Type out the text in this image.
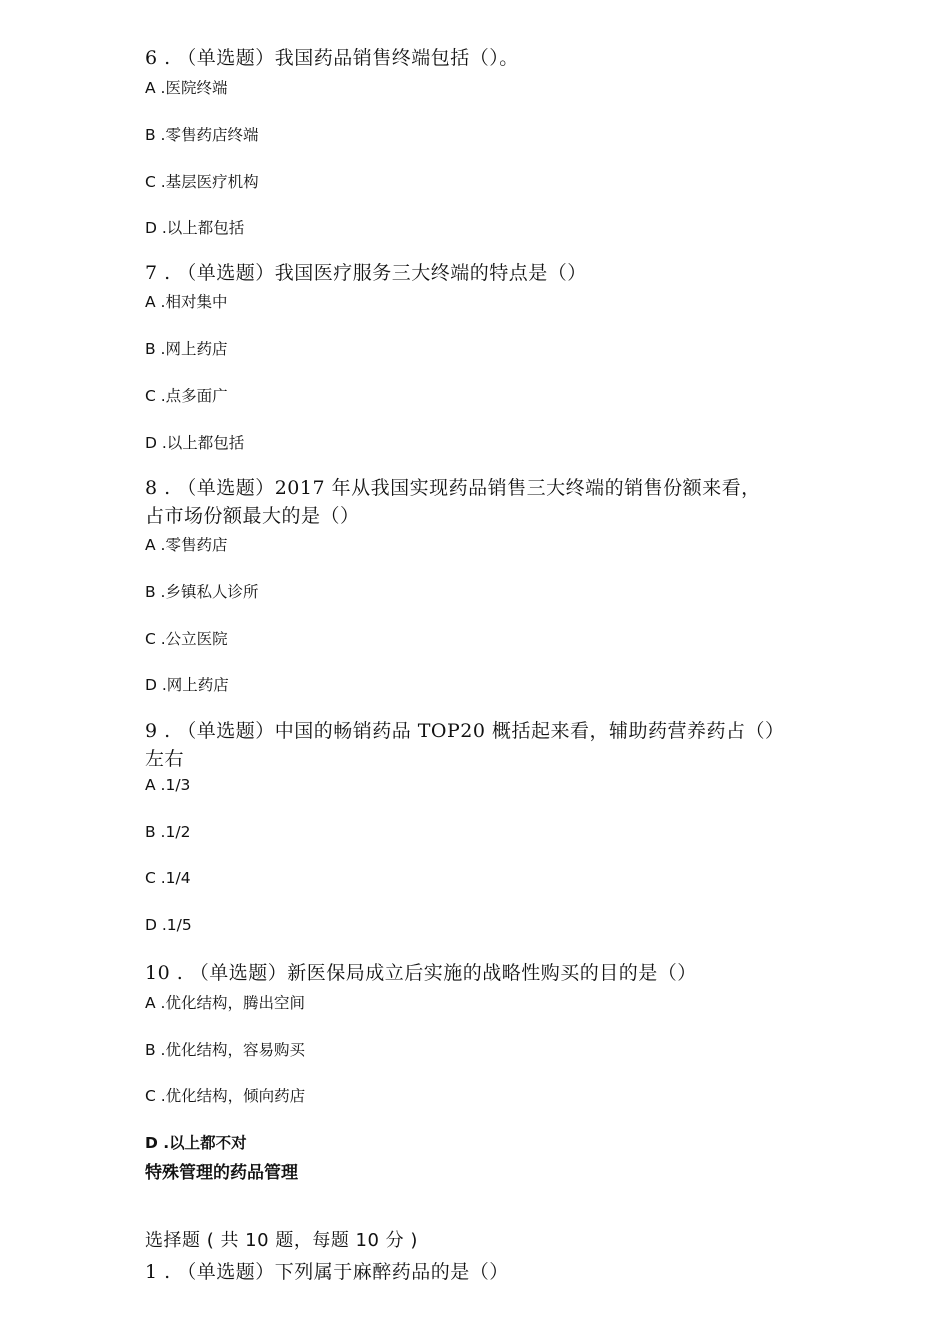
6 . （单选题）我国药品销售终端包括（）。
A .医院终端
B .零售药店终端
C .基层医疗机构
D .以上都包括
7 . （单选题）我国医疗服务三大终端的特点是（）
A .相对集中
B .网上药店
C .点多面广
D .以上都包括
8 . （单选题）2017 年从我国实现药品销售三大终端的销售份额来看，
占市场份额最大的是（）
A .零售药店
B .乡镇私人诊所
C .公立医院
D .网上药店
9 . （单选题）中国的畅销药品 TOP20 概括起来看，辅助药营养药占（）
左右
A .1/3
B .1/2
C .1/4
D .1/5
10 . （单选题）新医保局成立后实施的战略性购买的目的是（）
A .优化结构，腾出空间
B .优化结构，容易购买
C .优化结构，倾向药店
D .以上都不对
特殊管理的药品管理
选择题 ( 共 10 题，每题 10 分 )
1 . （单选题）下列属于麻醉药品的是（）
